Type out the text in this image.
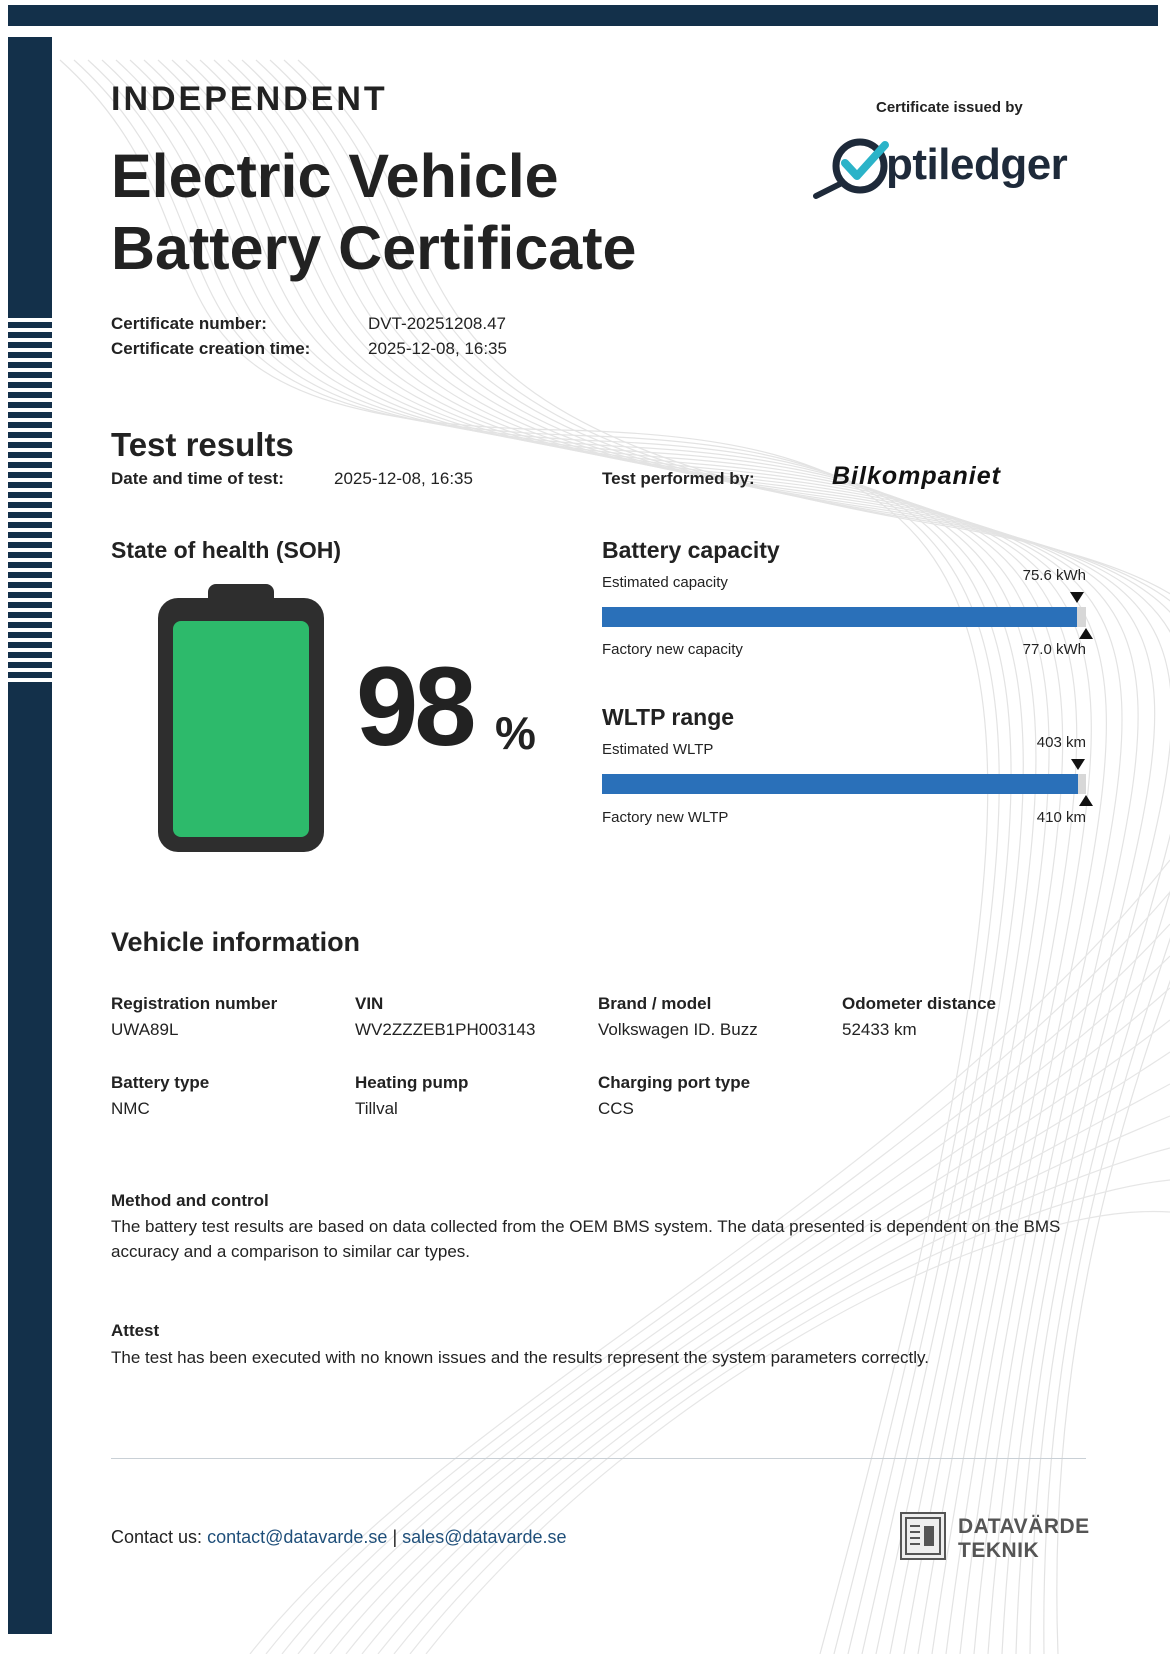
INDEPENDENT
Electric Vehicle
Battery Certificate
Certificate issued by
ptiledger
Certificate number:	DVT-20251208.47
Certificate creation time:	2025-12-08, 16:35
Test results
Date and time of test:	2025-12-08, 16:35	Test performed by:	Bilkompaniet
State of health (SOH)
98 %
Battery capacity
Estimated capacity	75.6 kWh
Factory new capacity	77.0 kWh
WLTP range
Estimated WLTP	403 km
Factory new WLTP	410 km
Vehicle information
Registration number
UWA89L
VIN
WV2ZZZEB1PH003143
Brand / model
Volkswagen ID. Buzz
Odometer distance
52433 km
Battery type
NMC
Heating pump
Tillval
Charging port type
CCS
Method and control
The battery test results are based on data collected from the OEM BMS system. The data presented is dependent on the BMS accuracy and a comparison to similar car types.
Attest
The test has been executed with no known issues and the results represent the system parameters correctly.
Contact us: contact@datavarde.se | sales@datavarde.se	DATAVÄRDE
TEKNIK
